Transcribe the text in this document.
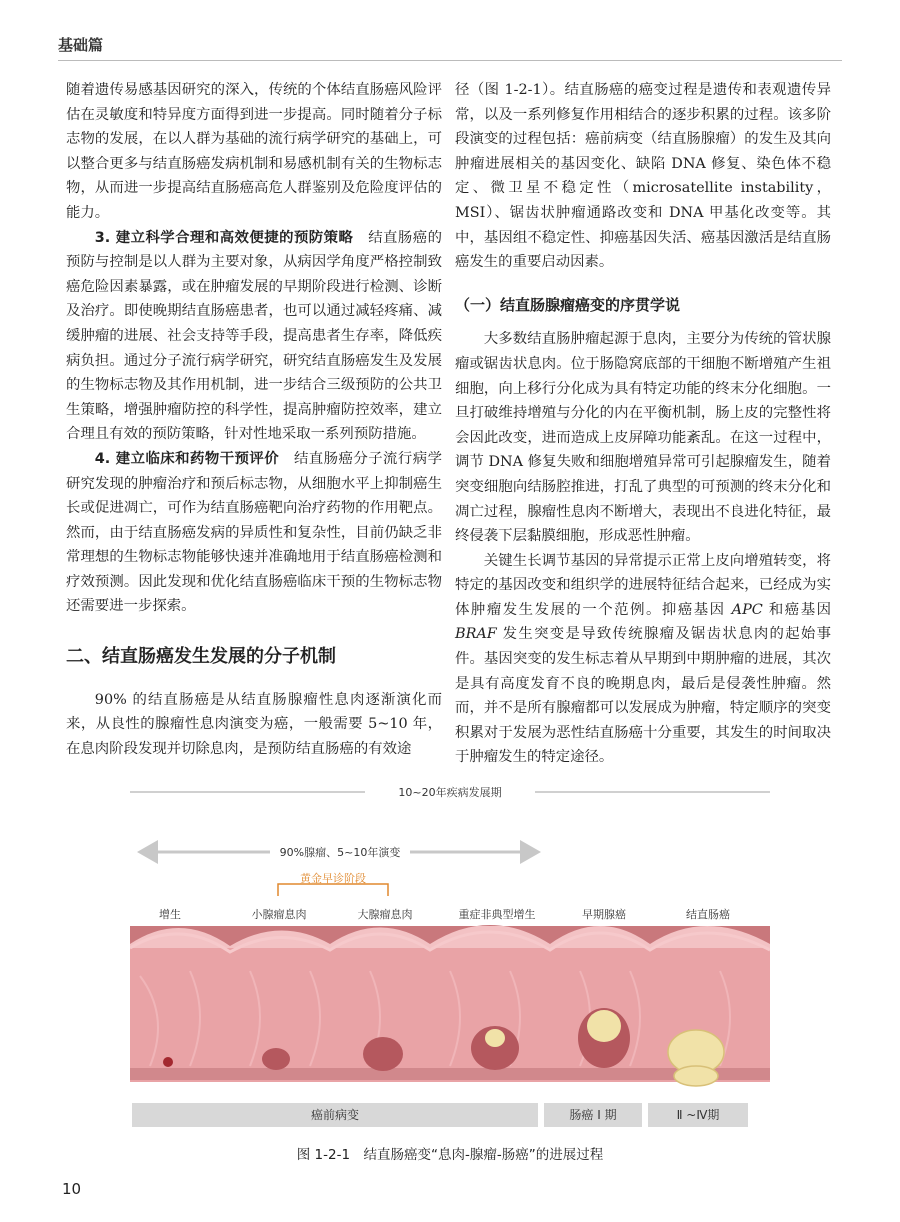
基础篇

随着遗传易感基因研究的深入，传统的个体结直肠癌风险评估在灵敏度和特异度方面得到进一步提高。同时随着分子标志物的发展，在以人群为基础的流行病学研究的基础上，可以整合更多与结直肠癌发病机制和易感机制有关的生物标志物，从而进一步提高结直肠癌高危人群鉴别及危险度评估的能力。

3. 建立科学合理和高效便捷的预防策略　结直肠癌的预防与控制是以人群为主要对象，从病因学角度严格控制致癌危险因素暴露，或在肿瘤发展的早期阶段进行检测、诊断及治疗。即使晚期结直肠癌患者，也可以通过减轻疼痛、减缓肿瘤的进展、社会支持等手段，提高患者生存率，降低疾病负担。通过分子流行病学研究，研究结直肠癌发生及发展的生物标志物及其作用机制，进一步结合三级预防的公共卫生策略，增强肿瘤防控的科学性，提高肿瘤防控效率，建立合理且有效的预防策略，针对性地采取一系列预防措施。

4. 建立临床和药物干预评价　结直肠癌分子流行病学研究发现的肿瘤治疗和预后标志物，从细胞水平上抑制癌生长或促进凋亡，可作为结直肠癌靶向治疗药物的作用靶点。然而，由于结直肠癌发病的异质性和复杂性，目前仍缺乏非常理想的生物标志物能够快速并准确地用于结直肠癌检测和疗效预测。因此发现和优化结直肠癌临床干预的生物标志物还需要进一步探索。

二、结直肠癌发生发展的分子机制

90% 的结直肠癌是从结直肠腺瘤性息肉逐渐演化而来，从良性的腺瘤性息肉演变为癌，一般需要 5~10 年，在息肉阶段发现并切除息肉，是预防结直肠癌的有效途

径（图 1-2-1）。结直肠癌的癌变过程是遗传和表观遗传异常，以及一系列修复作用相结合的逐步积累的过程。该多阶段演变的过程包括：癌前病变（结直肠腺瘤）的发生及其向肿瘤进展相关的基因变化、缺陷 DNA 修复、染色体不稳定、微卫星不稳定性（microsatellite instability，MSI）、锯齿状肿瘤通路改变和 DNA 甲基化改变等。其中，基因组不稳定性、抑癌基因失活、癌基因激活是结直肠癌发生的重要启动因素。

（一）结直肠腺瘤癌变的序贯学说

大多数结直肠肿瘤起源于息肉，主要分为传统的管状腺瘤或锯齿状息肉。位于肠隐窝底部的干细胞不断增殖产生祖细胞，向上移行分化成为具有特定功能的终末分化细胞。一旦打破维持增殖与分化的内在平衡机制，肠上皮的完整性将会因此改变，进而造成上皮屏障功能紊乱。在这一过程中，调节 DNA 修复失败和细胞增殖异常可引起腺瘤发生，随着突变细胞向结肠腔推进，打乱了典型的可预测的终末分化和凋亡过程，腺瘤性息肉不断增大，表现出不良进化特征，最终侵袭下层黏膜细胞，形成恶性肿瘤。

关键生长调节基因的异常提示正常上皮向增殖转变，将特定的基因改变和组织学的进展特征结合起来，已经成为实体肿瘤发生发展的一个范例。抑癌基因 APC 和癌基因 BRAF 发生突变是导致传统腺瘤及锯齿状息肉的起始事件。基因突变的发生标志着从早期到中期肿瘤的进展，其次是具有高度发育不良的晚期息肉，最后是侵袭性肿瘤。然而，并不是所有腺瘤都可以发展成为肿瘤，特定顺序的突变积累对于发展为恶性结直肠癌十分重要，其发生的时间取决于肿瘤发生的特定途径。

10~20年疾病发展期
90%腺瘤、5~10年演变
黄金早诊阶段
增生	小腺瘤息肉	大腺瘤息肉	重症非典型增生	早期腺癌	结直肠癌
癌前病变	肠癌 Ⅰ 期	Ⅱ ~Ⅳ期
图 1-2-1　结直肠癌变“息肉-腺瘤-肠癌”的进展过程
10
